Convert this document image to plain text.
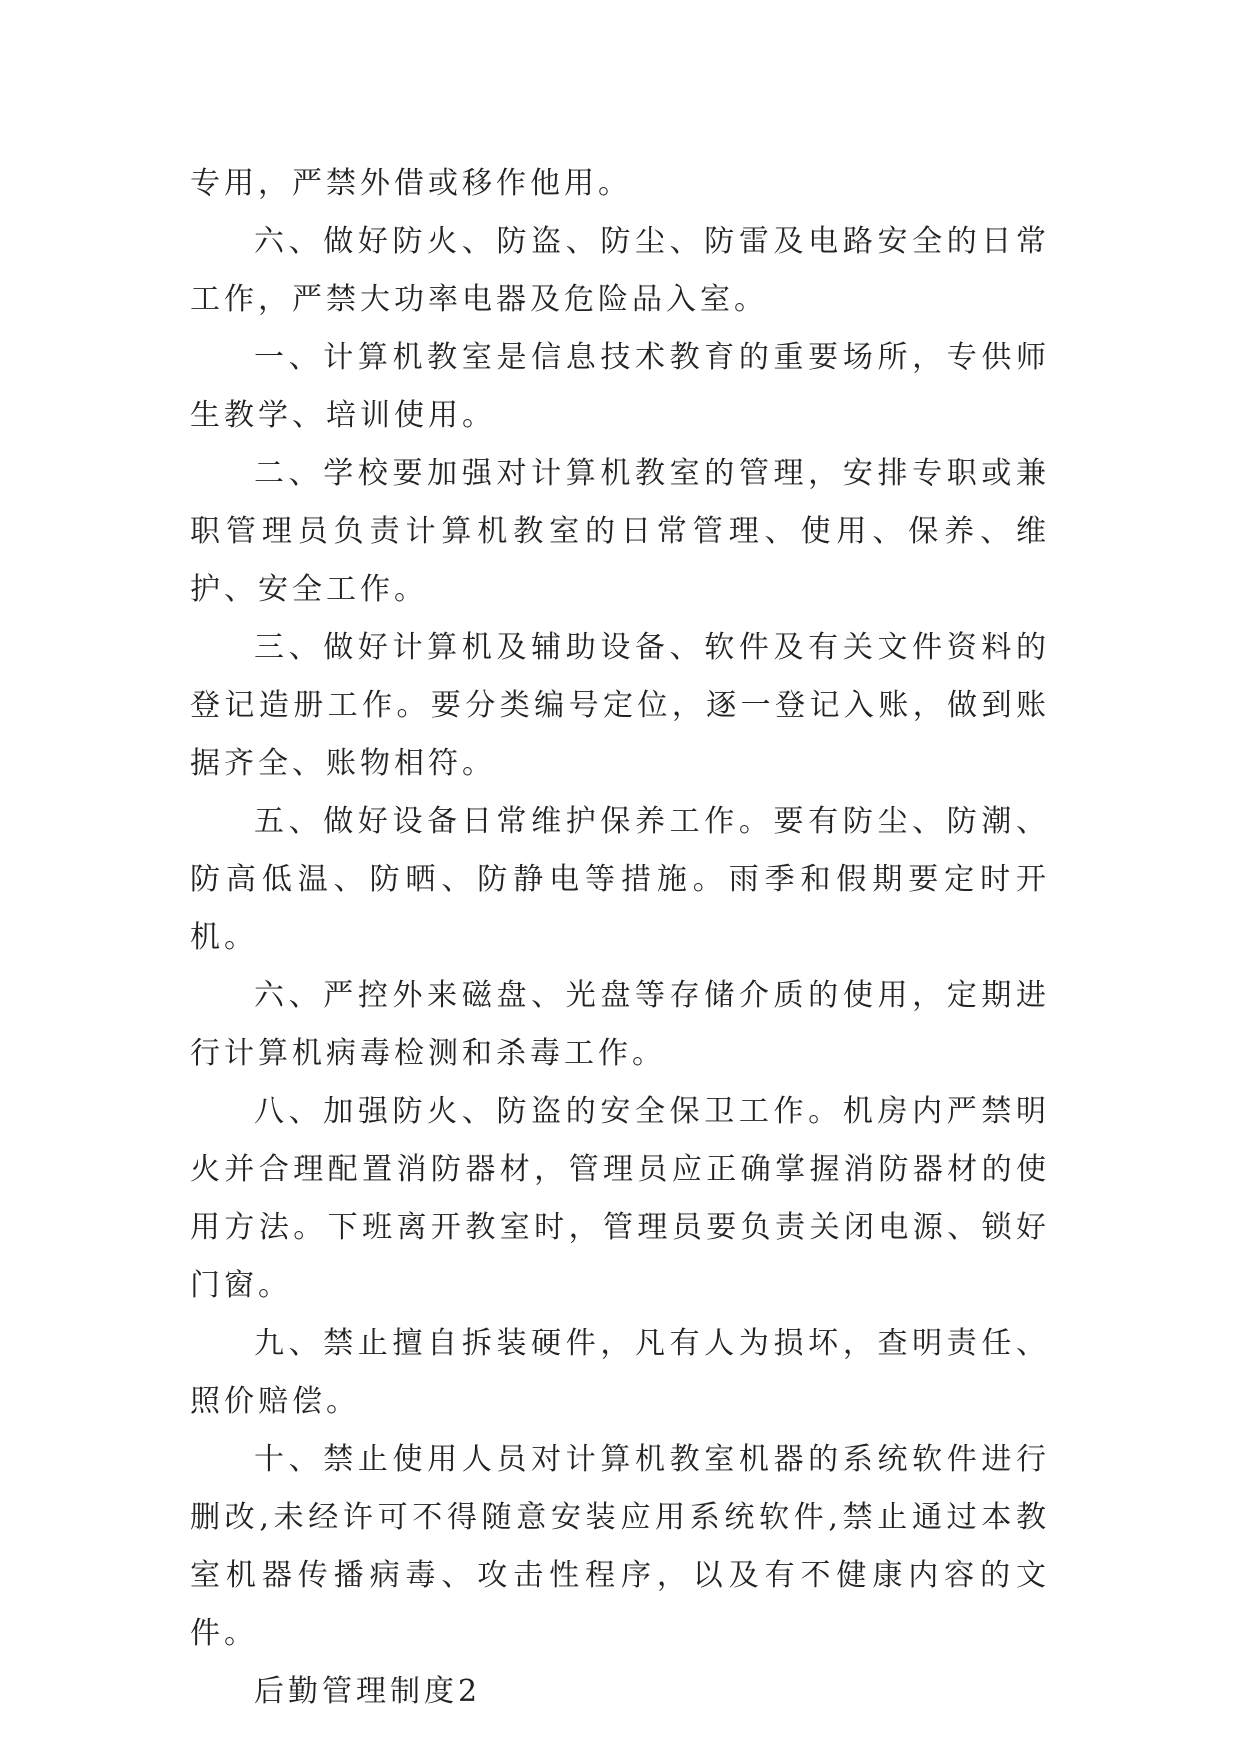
专用，严禁外借或移作他用。

六、做好防火、防盗、防尘、防雷及电路安全的日常工作，严禁大功率电器及危险品入室。

一、计算机教室是信息技术教育的重要场所，专供师生教学、培训使用。

二、学校要加强对计算机教室的管理，安排专职或兼职管理员负责计算机教室的日常管理、使用、保养、维护、安全工作。

三、做好计算机及辅助设备、软件及有关文件资料的登记造册工作。要分类编号定位，逐一登记入账，做到账据齐全、账物相符。

五、做好设备日常维护保养工作。要有防尘、防潮、防高低温、防晒、防静电等措施。雨季和假期要定时开机。

六、严控外来磁盘、光盘等存储介质的使用，定期进行计算机病毒检测和杀毒工作。

八、加强防火、防盗的安全保卫工作。机房内严禁明火并合理配置消防器材，管理员应正确掌握消防器材的使用方法。下班离开教室时，管理员要负责关闭电源、锁好门窗。

九、禁止擅自拆装硬件，凡有人为损坏，查明责任、照价赔偿。

十、禁止使用人员对计算机教室机器的系统软件进行删改,未经许可不得随意安装应用系统软件,禁止通过本教室机器传播病毒、攻击性程序，以及有不健康内容的文件。

后勤管理制度2
